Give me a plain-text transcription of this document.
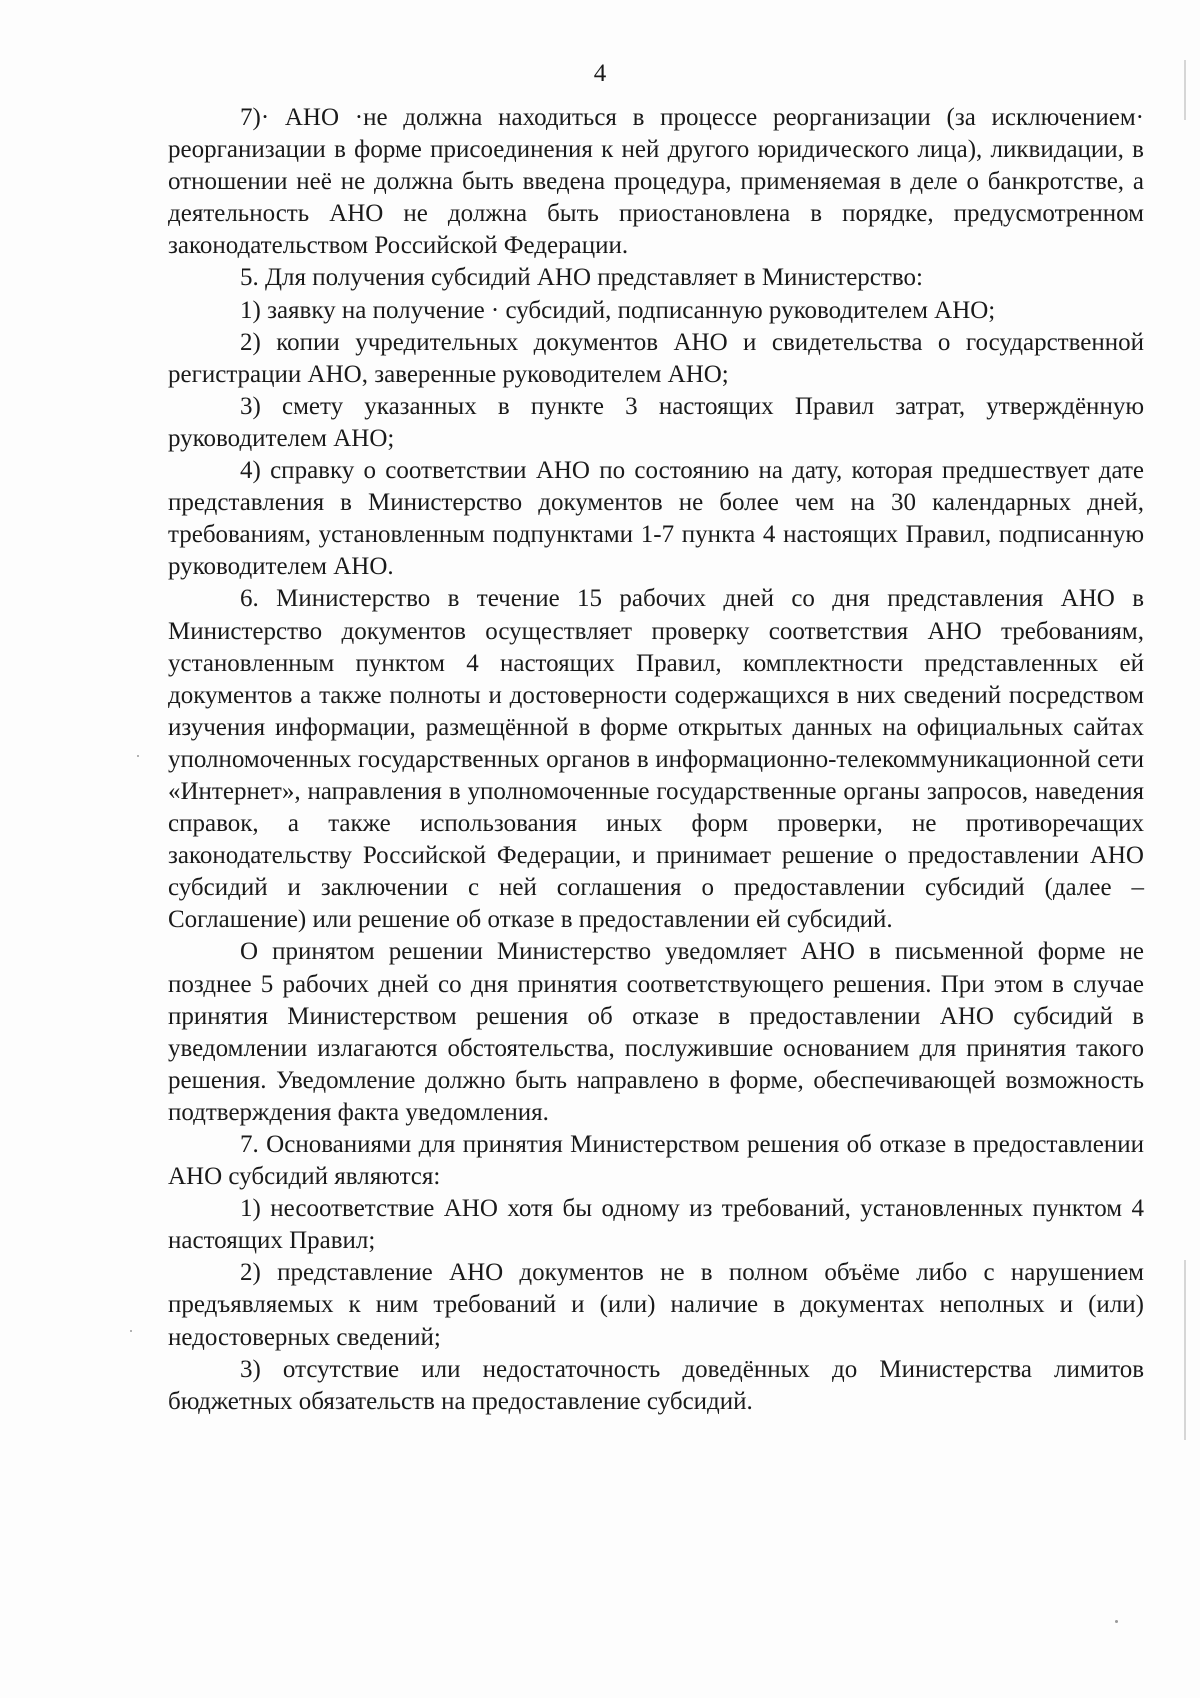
4

7)· АНО ·не должна находиться в процессе реорганизации (за исключением· реорганизации в форме присоединения к ней другого юридического лица), ликвидации, в отношении неё не должна быть введена процедура, применяемая в деле о банкротстве, а деятельность АНО не должна быть приостановлена в порядке, предусмотренном законодательством Российской Федерации.

5. Для получения субсидий АНО представляет в Министерство:

1) заявку на получение · субсидий, подписанную руководителем АНО;

2) копии учредительных документов АНО и свидетельства о государственной регистрации АНО, заверенные руководителем АНО;

3) смету указанных в пункте 3 настоящих Правил затрат, утверждённую руководителем АНО;

4) справку о соответствии АНО по состоянию на дату, которая предшествует дате представления в Министерство документов не более чем на 30 календарных дней, требованиям, установленным подпунктами 1-7 пункта 4 настоящих Правил, подписанную руководителем АНО.

6. Министерство в течение 15 рабочих дней со дня представления АНО в Министерство документов осуществляет проверку соответствия АНО требованиям, установленным пунктом 4 настоящих Правил, комплектности представленных ей документов а также полноты и достоверности содержащихся в них сведений посредством изучения информации, размещённой в форме открытых данных на официальных сайтах уполномоченных государственных органов в информационно-телекоммуникационной сети «Интернет», направления в уполномоченные государственные органы запросов, наведения справок, а также использования иных форм проверки, не противоречащих законодательству Российской Федерации, и принимает решение о предоставлении АНО субсидий и заключении с ней соглашения о предоставлении субсидий (далее – Соглашение) или решение об отказе в предоставлении ей субсидий.

О принятом решении Министерство уведомляет АНО в письменной форме не позднее 5 рабочих дней со дня принятия соответствующего решения. При этом в случае принятия Министерством решения об отказе в предоставлении АНО субсидий в уведомлении излагаются обстоятельства, послужившие основанием для принятия такого решения. Уведомление должно быть направлено в форме, обеспечивающей возможность подтверждения факта уведомления.

7. Основаниями для принятия Министерством решения об отказе в предоставлении АНО субсидий являются:

1) несоответствие АНО хотя бы одному из требований, установленных пунктом 4 настоящих Правил;

2) представление АНО документов не в полном объёме либо с нарушением предъявляемых к ним требований и (или) наличие в документах неполных и (или) недостоверных сведений;

3) отсутствие или недостаточность доведённых до Министерства лимитов бюджетных обязательств на предоставление субсидий.
